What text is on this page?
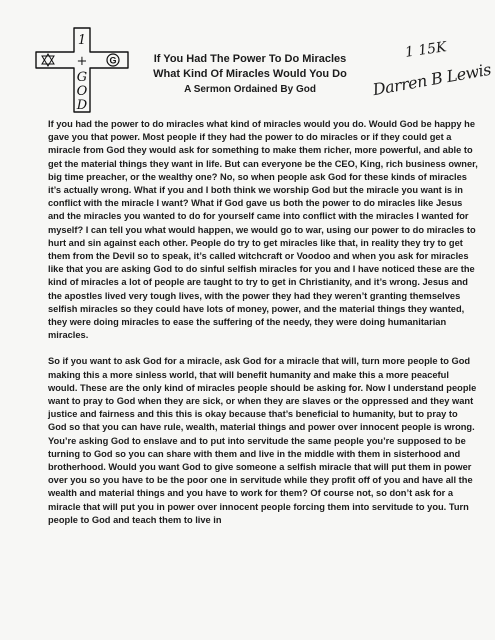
G
1
+
G
O
D
If You Had The Power To Do Miracles
What Kind Of Miracles Would You Do
A Sermon Ordained By God
1 15K
Darren B Lewis

If you had the power to do miracles what kind of miracles would you do. Would God be happy he gave you that power. Most people if they had the power to do miracles or if they could get a miracle from God they would ask for something to make them richer, more powerful, and able to get the material things they want in life. But can everyone be the CEO, King, rich business owner, big time preacher, or the wealthy one? No, so when people ask God for these kinds of miracles it’s actually wrong. What if you and I both think we worship God but the miracle you want is in conflict with the miracle I want? What if God gave us both the power to do miracles like Jesus and the miracles you wanted to do for yourself came into conflict with the miracles I wanted for myself? I can tell you what would happen, we would go to war, using our power to do miracles to hurt and sin against each other. People do try to get miracles like that, in reality they try to get them from the Devil so to speak, it’s called witchcraft or Voodoo and when you ask for miracles like that you are asking God to do sinful selfish miracles for you and I have noticed these are the kind of miracles a lot of people are taught to try to get in Christianity, and it’s wrong. Jesus and the apostles lived very tough lives, with the power they had they weren’t granting themselves selfish miracles so they could have lots of money, power, and the material things they wanted, they were doing miracles to ease the suffering of the needy, they were doing humanitarian miracles.

So if you want to ask God for a miracle, ask God for a miracle that will, turn more people to God making this a more sinless world, that will benefit humanity and make this a more peaceful would. These are the only kind of miracles people should be asking for. Now I understand people want to pray to God when they are sick, or when they are slaves or the oppressed and they want justice and fairness and this this is okay because that’s beneficial to humanity, but to pray to God so that you can have rule, wealth, material things and power over innocent people is wrong. You’re asking God to enslave and to put into servitude the same people you’re supposed to be turning to God so you can share with them and live in the middle with them in sisterhood and brotherhood. Would you want God to give someone a selfish miracle that will put them in power over you so you have to be the poor one in servitude while they profit off of you and have all the wealth and material things and you have to work for them? Of course not, so don’t ask for a miracle that will put you in power over innocent people forcing them into servitude to you. Turn people to God and teach them to live in
